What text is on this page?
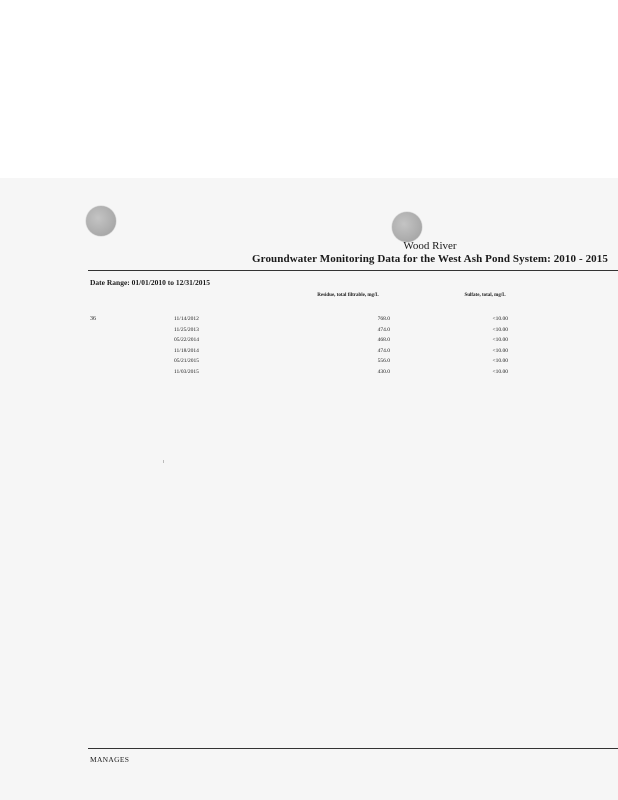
Wood River
Groundwater Monitoring Data for the West Ash Pond System: 2010 - 2015
Date Range: 01/01/2010 to 12/31/2015
Residue, total filtrable, mg/L	Sulfate, total, mg/L
36	11/14/2012	768.0	<10.00
11/25/2013	474.0	<10.00
05/22/2014	468.0	<10.00
11/18/2014	474.0	<10.00
05/21/2015	556.0	<10.00
11/03/2015	430.0	<10.00
MANAGES
